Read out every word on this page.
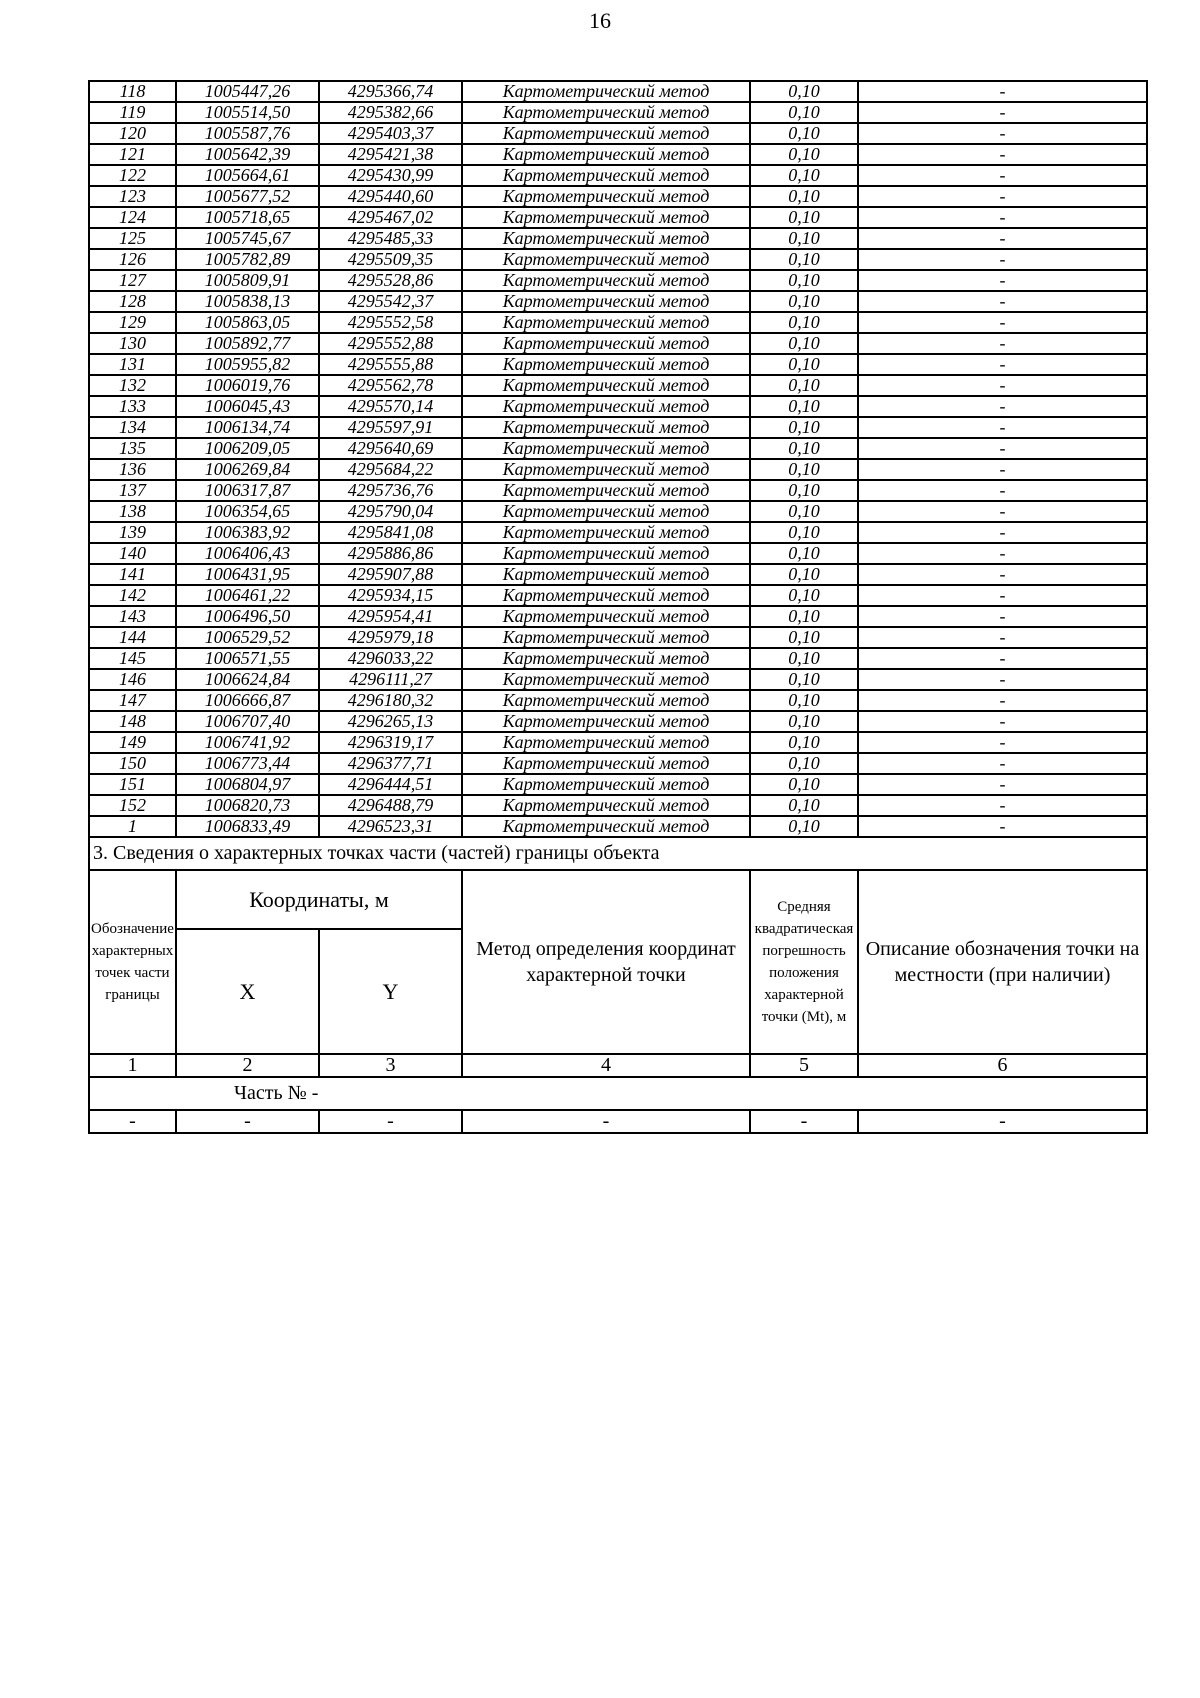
16
118	1005447,26	4295366,74	Картометрический метод	0,10	-
119	1005514,50	4295382,66	Картометрический метод	0,10	-
120	1005587,76	4295403,37	Картометрический метод	0,10	-
121	1005642,39	4295421,38	Картометрический метод	0,10	-
122	1005664,61	4295430,99	Картометрический метод	0,10	-
123	1005677,52	4295440,60	Картометрический метод	0,10	-
124	1005718,65	4295467,02	Картометрический метод	0,10	-
125	1005745,67	4295485,33	Картометрический метод	0,10	-
126	1005782,89	4295509,35	Картометрический метод	0,10	-
127	1005809,91	4295528,86	Картометрический метод	0,10	-
128	1005838,13	4295542,37	Картометрический метод	0,10	-
129	1005863,05	4295552,58	Картометрический метод	0,10	-
130	1005892,77	4295552,88	Картометрический метод	0,10	-
131	1005955,82	4295555,88	Картометрический метод	0,10	-
132	1006019,76	4295562,78	Картометрический метод	0,10	-
133	1006045,43	4295570,14	Картометрический метод	0,10	-
134	1006134,74	4295597,91	Картометрический метод	0,10	-
135	1006209,05	4295640,69	Картометрический метод	0,10	-
136	1006269,84	4295684,22	Картометрический метод	0,10	-
137	1006317,87	4295736,76	Картометрический метод	0,10	-
138	1006354,65	4295790,04	Картометрический метод	0,10	-
139	1006383,92	4295841,08	Картометрический метод	0,10	-
140	1006406,43	4295886,86	Картометрический метод	0,10	-
141	1006431,95	4295907,88	Картометрический метод	0,10	-
142	1006461,22	4295934,15	Картометрический метод	0,10	-
143	1006496,50	4295954,41	Картометрический метод	0,10	-
144	1006529,52	4295979,18	Картометрический метод	0,10	-
145	1006571,55	4296033,22	Картометрический метод	0,10	-
146	1006624,84	4296111,27	Картометрический метод	0,10	-
147	1006666,87	4296180,32	Картометрический метод	0,10	-
148	1006707,40	4296265,13	Картометрический метод	0,10	-
149	1006741,92	4296319,17	Картометрический метод	0,10	-
150	1006773,44	4296377,71	Картометрический метод	0,10	-
151	1006804,97	4296444,51	Картометрический метод	0,10	-
152	1006820,73	4296488,79	Картометрический метод	0,10	-
1	1006833,49	4296523,31	Картометрический метод	0,10	-
3. Сведения о характерных точках части (частей) границы объекта					
Обозначение характерных точек части границы	Координаты, м		Метод определения координат характерной точки	Средняя квадратическая погрешность положения характерной точки (Mt), м	Описание обозначения точки на местности (при наличии)
	X	Y			
1	2	3	4	5	6
Часть № -					
-	-	-	-	-	-
